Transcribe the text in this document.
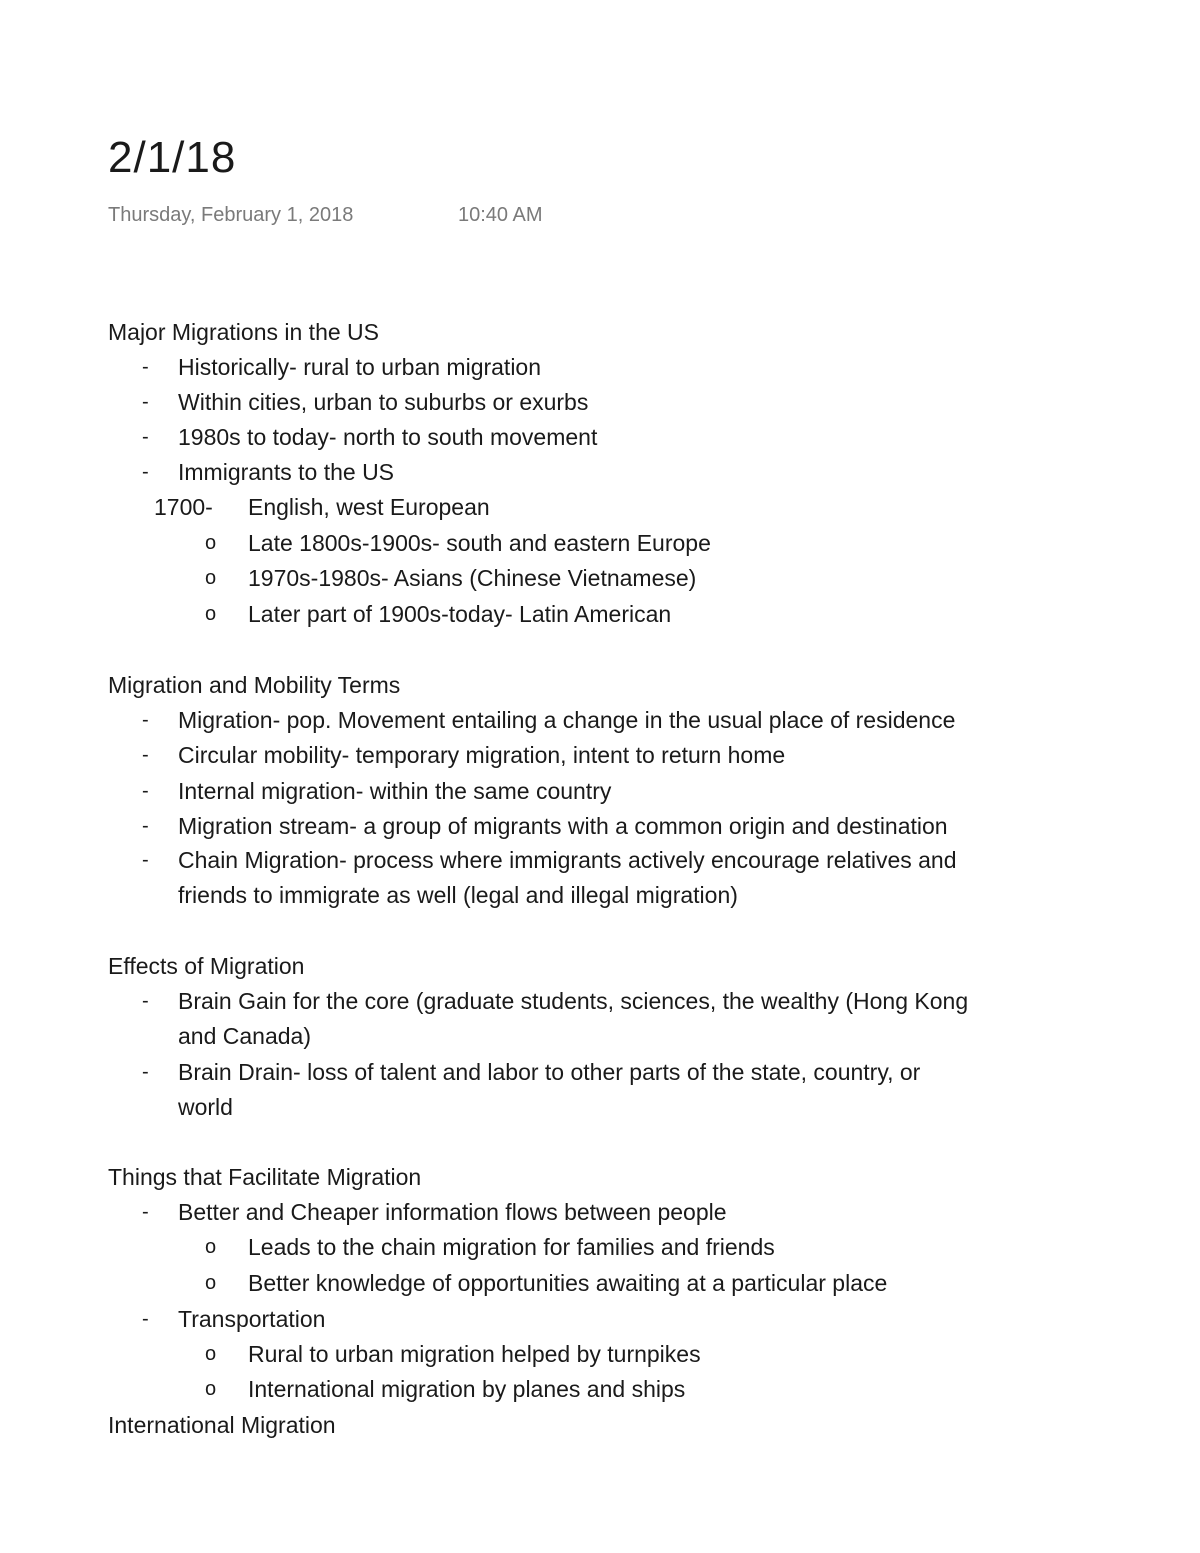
2/1/18
Thursday, February 1, 2018	10:40 AM
Major Migrations in the US
- Historically- rural to urban migration
- Within cities, urban to suburbs or exurbs
- 1980s to today- north to south movement
- Immigrants to the US
1700- English, west European
o Late 1800s-1900s- south and eastern Europe
o 1970s-1980s- Asians (Chinese Vietnamese)
o Later part of 1900s-today- Latin American
Migration and Mobility Terms
- Migration- pop. Movement entailing a change in the usual place of residence
- Circular mobility- temporary migration, intent to return home
- Internal migration- within the same country
- Migration stream- a group of migrants with a common origin and destination
- Chain Migration- process where immigrants actively encourage relatives and
friends to immigrate as well (legal and illegal migration)
Effects of Migration
- Brain Gain for the core (graduate students, sciences, the wealthy (Hong Kong
and Canada)
- Brain Drain- loss of talent and labor to other parts of the state, country, or
world
Things that Facilitate Migration
- Better and Cheaper information flows between people
o Leads to the chain migration for families and friends
o Better knowledge of opportunities awaiting at a particular place
- Transportation
o Rural to urban migration helped by turnpikes
o International migration by planes and ships
International Migration
